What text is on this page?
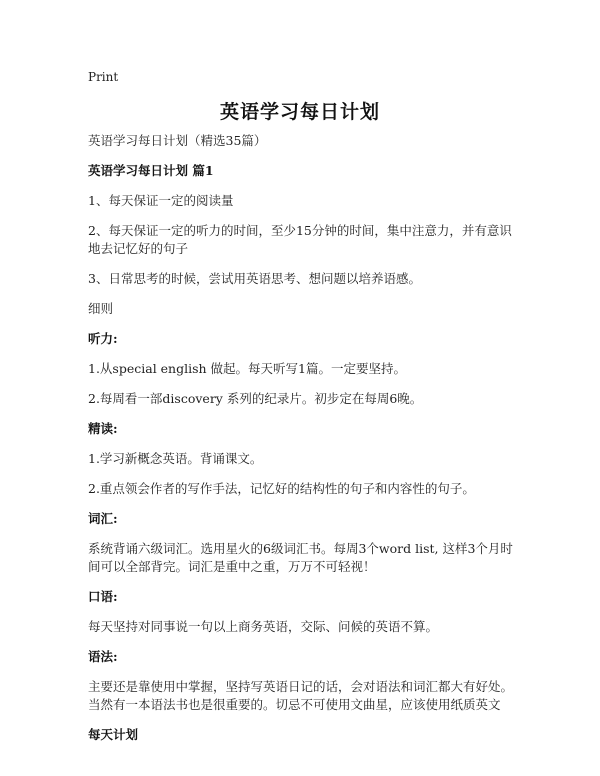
Print
英语学习每日计划

英语学习每日计划（精选35篇）

英语学习每日计划 篇1

1、每天保证一定的阅读量

2、每天保证一定的听力的时间，至少15分钟的时间，集中注意力，并有意识地去记忆好的句子

3、日常思考的时候，尝试用英语思考、想问题以培养语感。

细则

听力:

1.从special english 做起。每天听写1篇。一定要坚持。

2.每周看一部discovery 系列的纪录片。初步定在每周6晚。

精读:

1.学习新概念英语。背诵课文。

2.重点领会作者的写作手法，记忆好的结构性的句子和内容性的句子。

词汇:

系统背诵六级词汇。选用星火的6级词汇书。每周3个word list, 这样3个月时间可以全部背完。词汇是重中之重，万万不可轻视！

口语:

每天坚持对同事说一句以上商务英语，交际、问候的英语不算。

语法:

主要还是靠使用中掌握，坚持写英语日记的话，会对语法和词汇都大有好处。当然有一本语法书也是很重要的。切忌不可使用文曲星，应该使用纸质英文

每天计划
